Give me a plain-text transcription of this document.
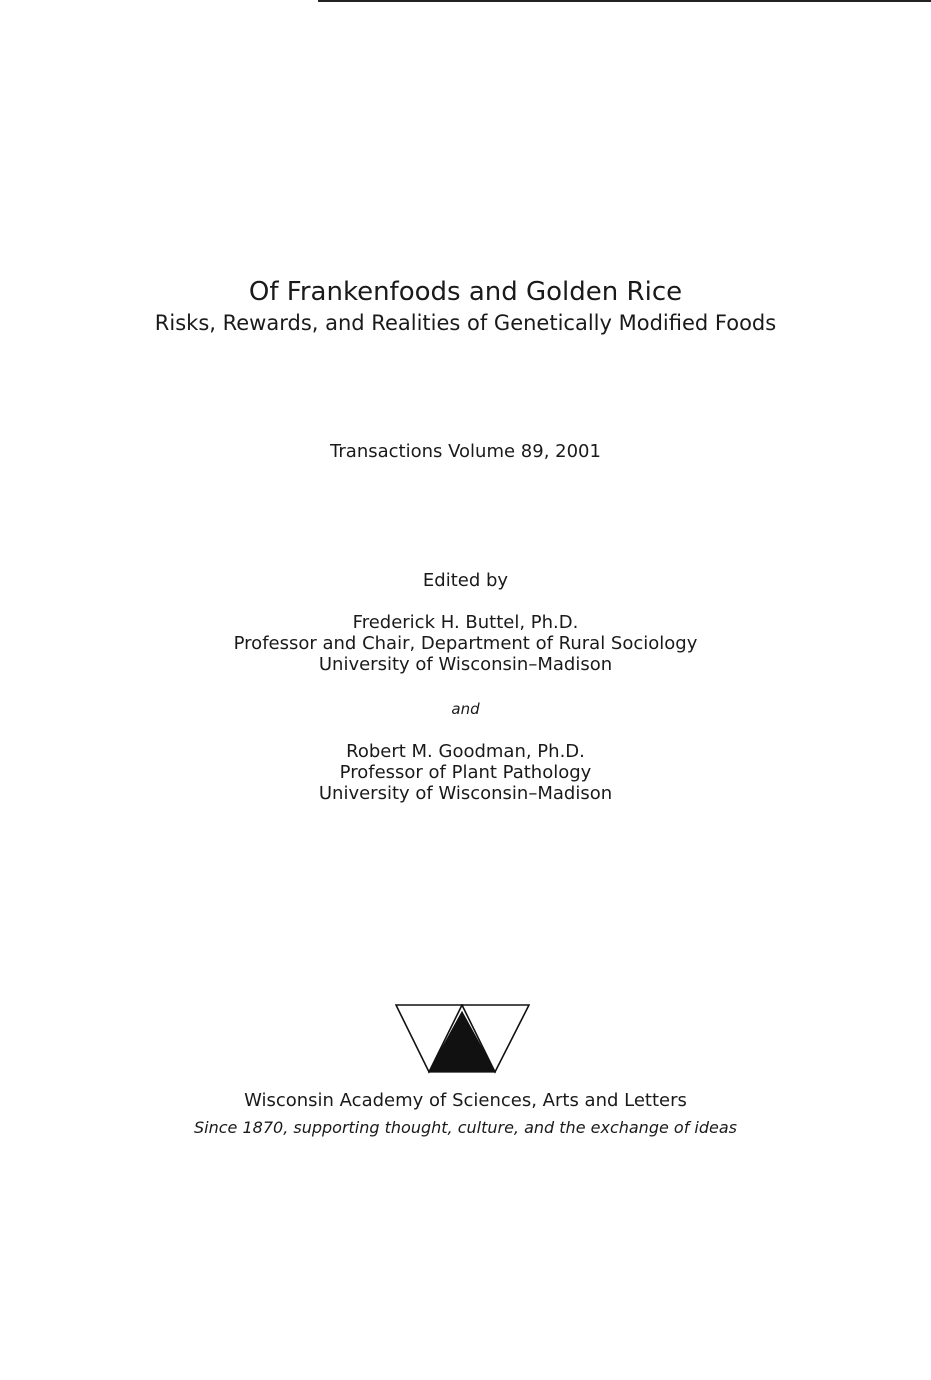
Of Frankenfoods and Golden Rice
Risks, Rewards, and Realities of Genetically Modified Foods
Transactions Volume 89, 2001
Edited by
Frederick H. Buttel, Ph.D.
Professor and Chair, Department of Rural Sociology
University of Wisconsin–Madison
and
Robert M. Goodman, Ph.D.
Professor of Plant Pathology
University of Wisconsin–Madison
Wisconsin Academy of Sciences, Arts and Letters
Since 1870, supporting thought, culture, and the exchange of ideas
